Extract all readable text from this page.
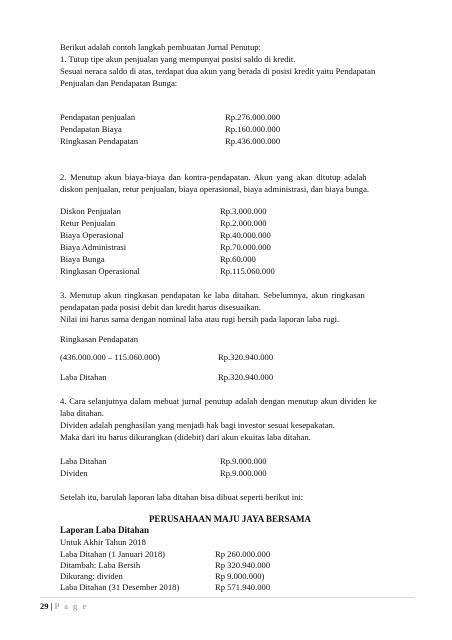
Berikut adalah contoh langkah pembuatan Jurnal Penutup:
1. Tutup tipe akun penjualan yang mempunyai posisi saldo di kredit.
Sesuai neraca saldo di atas, terdapat dua akun yang berada di posisi kredit yaitu Pendapatan
Penjualan dan Pendapatan Bunga:
Pendapatan penjualan	Rp.276.000.000
Pendapatan Biaya	Rp.160.000.000
Ringkasan Pendapatan	Rp.436.000.000
2. Menutup akun biaya-biaya dan kontra-pendapatan. Akun yang akan ditutup adalah
diskon penjualan, retur penjualan, biaya operasional, biaya administrasi, dan biaya bunga.
Diskon Penjualan	Rp.3.000.000
Retur Penjualan	Rp.2.000.000
Biaya Operasional	Rp.40.000.000
Biaya Administrasi	Rp.70.000.000
Biaya Bunga	Rp.60.000
Ringkasan Operasional	Rp.115.060.000
3. Menutup akun ringkasan pendapatan ke laba ditahan. Sebelumnya, akun ringkasan
pendapatan pada posisi debit dan kredit harus disesuaikan.
Nilai ini harus sama dengan nominal laba atau rugi bersih pada laporan laba rugi.
Ringkasan Pendapatan
(436.000.000 – 115.060.000)	Rp.320.940.000
Laba Ditahan	Rp.320.940.000
4. Cara selanjutnya dalam mebuat jurnal penutup adalah dengan menutup akun dividen ke
laba ditahan.
Dividen adalah penghasilan yang menjadi hak bagi investor sesuai kesepakatan.
Maka dari itu harus dikurangkan (didebit) dari akun ekuitas laba ditahan.
Laba Ditahan	Rp.9.000.000
Dividen	Rp.9.000.000
Setelah itu, barulah laporan laba ditahan bisa dibuat seperti berikut ini:
PERUSAHAAN MAJU JAYA BERSAMA
Laporan Laba Ditahan
Untuk Akhir Tahun 2018
Laba Ditahan (1 Januari 2018)	Rp 260.000.000
Ditambah: Laba Bersih	Rp 320.940.000
Dikurang: dividen	Rp 9.000.000)
Laba Ditahan (31 Desember 2018)	Rp 571.940.000
29 | P a g e
